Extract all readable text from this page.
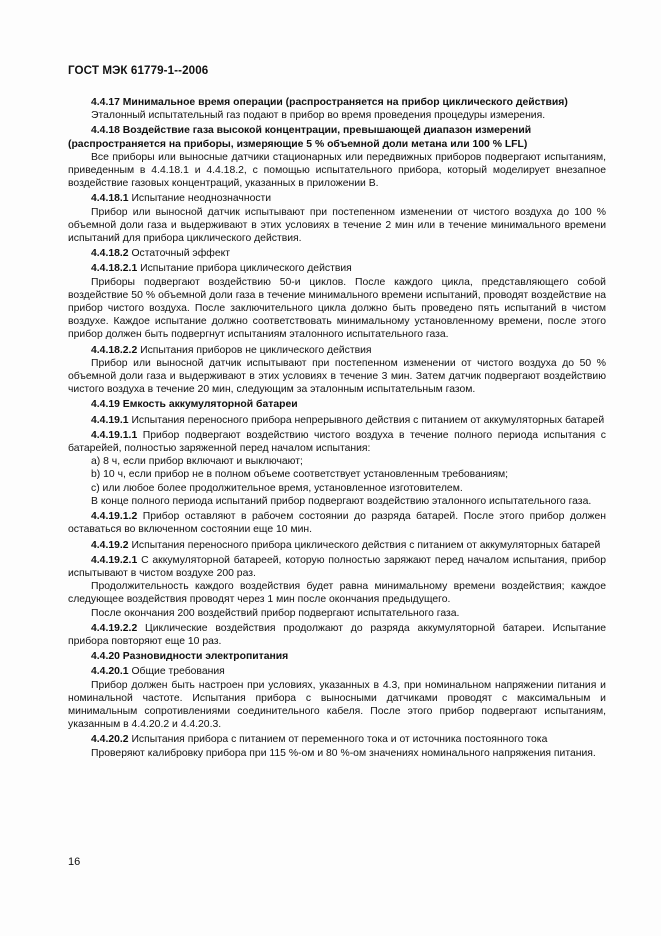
ГОСТ МЭК 61779-1--2006

4.4.17 Минимальное время операции (распространяется на прибор циклического действия)

Эталонный испытательный газ подают в прибор во время проведения процедуры измерения.

4.4.18 Воздействие газа высокой концентрации, превышающей диапазон измерений (распространяется на приборы, измеряющие 5 % объемной доли метана или 100 % LFL)

Все приборы или выносные датчики стационарных или передвижных приборов подвергают испытаниям, приведенным в 4.4.18.1 и 4.4.18.2, с помощью испытательного прибора, который моделирует внезапное воздействие газовых концентраций, указанных в приложении В.

4.4.18.1 Испытание неоднозначности

Прибор или выносной датчик испытывают при постепенном изменении от чистого воздуха до 100 % объемной доли газа и выдерживают в этих условиях в течение 2 мин или в течение минимального времени испытаний для прибора циклического действия.

4.4.18.2 Остаточный эффект

4.4.18.2.1 Испытание прибора циклического действия

Приборы подвергают воздействию 50-и циклов. После каждого цикла, представляющего собой воздействие 50 % объемной доли газа в течение минимального времени испытаний, проводят воздействие на прибор чистого воздуха. После заключительного цикла должно быть проведено пять испытаний в чистом воздухе. Каждое испытание должно соответствовать минимальному установленному времени, после этого прибор должен быть подвергнут испытаниям эталонного испытательного газа.

4.4.18.2.2 Испытания приборов не циклического действия

Прибор или выносной датчик испытывают при постепенном изменении от чистого воздуха до 50 % объемной доли газа и выдерживают в этих условиях в течение 3 мин. Затем датчик подвергают воздействию чистого воздуха в течение 20 мин, следующим за эталонным испытательным газом.

4.4.19 Емкость аккумуляторной батареи

4.4.19.1 Испытания переносного прибора непрерывного действия с питанием от аккумуляторных батарей

4.4.19.1.1 Прибор подвергают воздействию чистого воздуха в течение полного периода испытания с батарейей, полностью заряженной перед началом испытания:

a) 8 ч, если прибор включают и выключают;

b) 10 ч, если прибор не в полном объеме соответствует установленным требованиям;

c) или любое более продолжительное время, установленное изготовителем.

В конце полного периода испытаний прибор подвергают воздействию эталонного испытательного газа.

4.4.19.1.2 Прибор оставляют в рабочем состоянии до разряда батарей. После этого прибор должен оставаться во включенном состоянии еще 10 мин.

4.4.19.2 Испытания переносного прибора циклического действия с питанием от аккумуляторных батарей

4.4.19.2.1 С аккумуляторной батареей, которую полностью заряжают перед началом испытания, прибор испытывают в чистом воздухе 200 раз.

Продолжительность каждого воздействия будет равна минимальному времени воздействия; каждое следующее воздействия проводят через 1 мин после окончания предыдущего.

После окончания 200 воздействий прибор подвергают испытательного газа.

4.4.19.2.2 Циклические воздействия продолжают до разряда аккумуляторной батареи. Испытание прибора повторяют еще 10 раз.

4.4.20 Разновидности электропитания

4.4.20.1 Общие требования

Прибор должен быть настроен при условиях, указанных в 4.3, при номинальном напряжении питания и номинальной частоте. Испытания прибора с выносными датчиками проводят с максимальным и минимальным сопротивлениями соединительного кабеля. После этого прибор подвергают испытаниям, указанным в 4.4.20.2 и 4.4.20.3.

4.4.20.2 Испытания прибора с питанием от переменного тока и от источника постоянного тока

Проверяют калибровку прибора при 115 %-ом и 80 %-ом значениях номинального напряжения питания.

16
